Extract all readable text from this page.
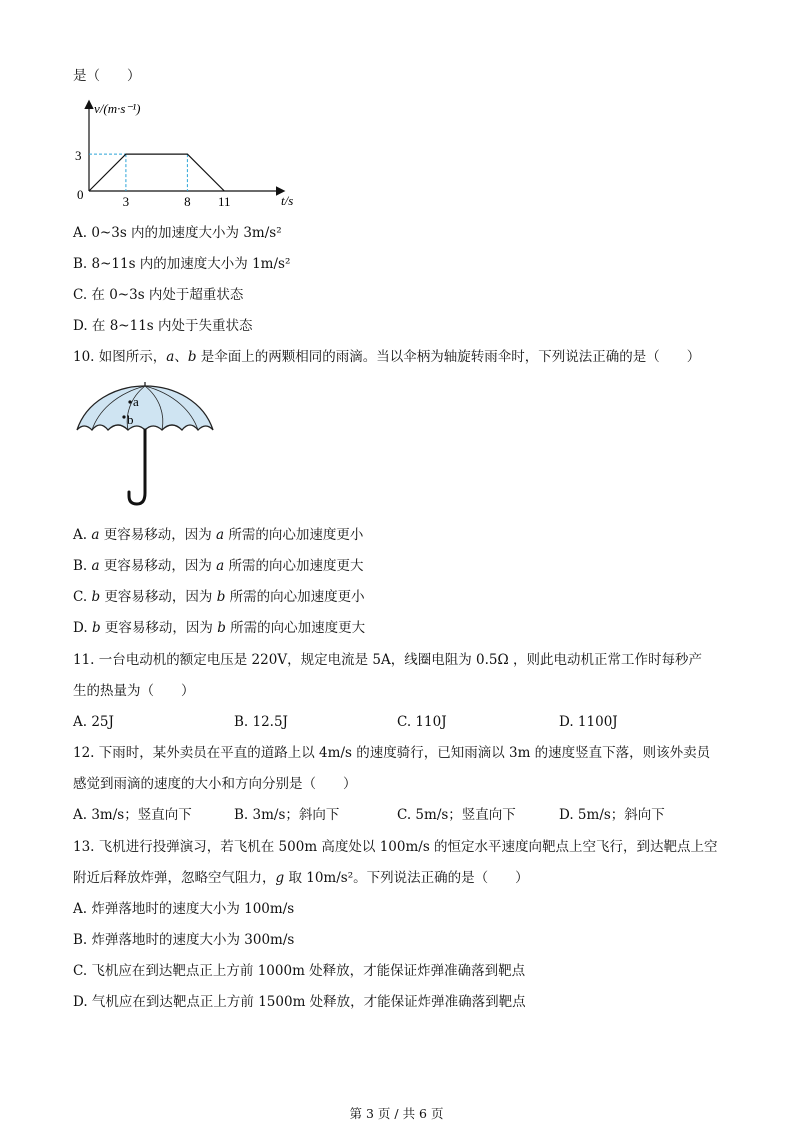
是（　　）
v/(m·s⁻¹)
t/s
0
3
3	8 11
A. 0~3s 内的加速度大小为 3m/s²
B. 8~11s 内的加速度大小为 1m/s²
C. 在 0~3s 内处于超重状态
D. 在 8~11s 内处于失重状态
10. 如图所示，a、b 是伞面上的两颗相同的雨滴。当以伞柄为轴旋转雨伞时，下列说法正确的是（　　）
a
b
A. a 更容易移动，因为 a 所需的向心加速度更小
B. a 更容易移动，因为 a 所需的向心加速度更大
C. b 更容易移动，因为 b 所需的向心加速度更小
D. b 更容易移动，因为 b 所需的向心加速度更大
11. 一台电动机的额定电压是 220V，规定电流是 5A，线圈电阻为 0.5Ω ，则此电动机正常工作时每秒产
生的热量为（　　）
A. 25J	B. 12.5J	C. 110J	D. 1100J
12. 下雨时，某外卖员在平直的道路上以 4m/s 的速度骑行，已知雨滴以 3m 的速度竖直下落，则该外卖员
感觉到雨滴的速度的大小和方向分别是（　　）
A. 3m/s；竖直向下	B. 3m/s；斜向下	C. 5m/s；竖直向下	D. 5m/s；斜向下
13. 飞机进行投弹演习，若飞机在 500m 高度处以 100m/s 的恒定水平速度向靶点上空飞行，到达靶点上空
附近后释放炸弹，忽略空气阻力，g 取 10m/s²。下列说法正确的是（　　）
A. 炸弹落地时的速度大小为 100m/s
B. 炸弹落地时的速度大小为 300m/s
C. 飞机应在到达靶点正上方前 1000m 处释放，才能保证炸弹准确落到靶点
D. 气机应在到达靶点正上方前 1500m 处释放，才能保证炸弹准确落到靶点
第 3 页 / 共 6 页
